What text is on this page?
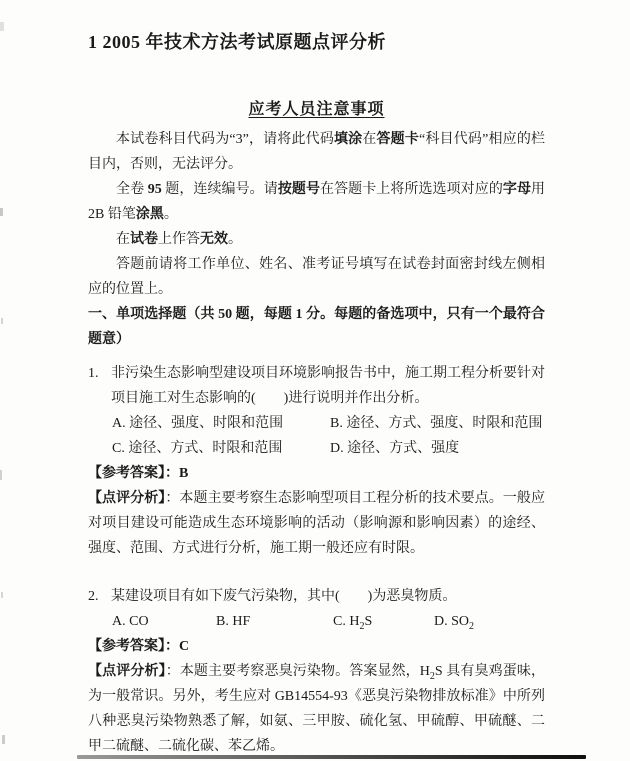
1 2005 年技术方法考试原题点评分析
应考人员注意事项

本试卷科目代码为“3”，请将此代码填涂在答题卡“科目代码”相应的栏目内，否则，无法评分。

全卷 95 题，连续编号。请按题号在答题卡上将所选选项对应的字母用 2B 铅笔涂黑。

在试卷上作答无效。

答题前请将工作单位、姓名、准考证号填写在试卷封面密封线左侧相应的位置上。

一、单项选择题（共 50 题，每题 1 分。每题的备选项中，只有一个最符合题意）

1. 非污染生态影响型建设项目环境影响报告书中，施工期工程分析要针对项目施工对生态影响的(　　)进行说明并作出分析。
A. 途径、强度、时限和范围	B. 途径、方式、强度、时限和范围
C. 途径、方式、时限和范围	D. 途径、方式、强度
【参考答案】：B
【点评分析】：本题主要考察生态影响型项目工程分析的技术要点。一般应对项目建设可能造成生态环境影响的活动（影响源和影响因素）的途经、强度、范围、方式进行分析，施工期一般还应有时限。
2. 某建设项目有如下废气污染物，其中(　　)为恶臭物质。
A. CO	B. HF	C. $H_2S$	D. $SO_2$
【参考答案】：C
【点评分析】：本题主要考察恶臭污染物。答案显然，$H_2S$ 具有臭鸡蛋味，为一般常识。另外，考生应对 GB14554-93《恶臭污染物排放标准》中所列八种恶臭污染物熟悉了解，如氨、三甲胺、硫化氢、甲硫醇、甲硫醚、二甲二硫醚、二硫化碳、苯乙烯。
